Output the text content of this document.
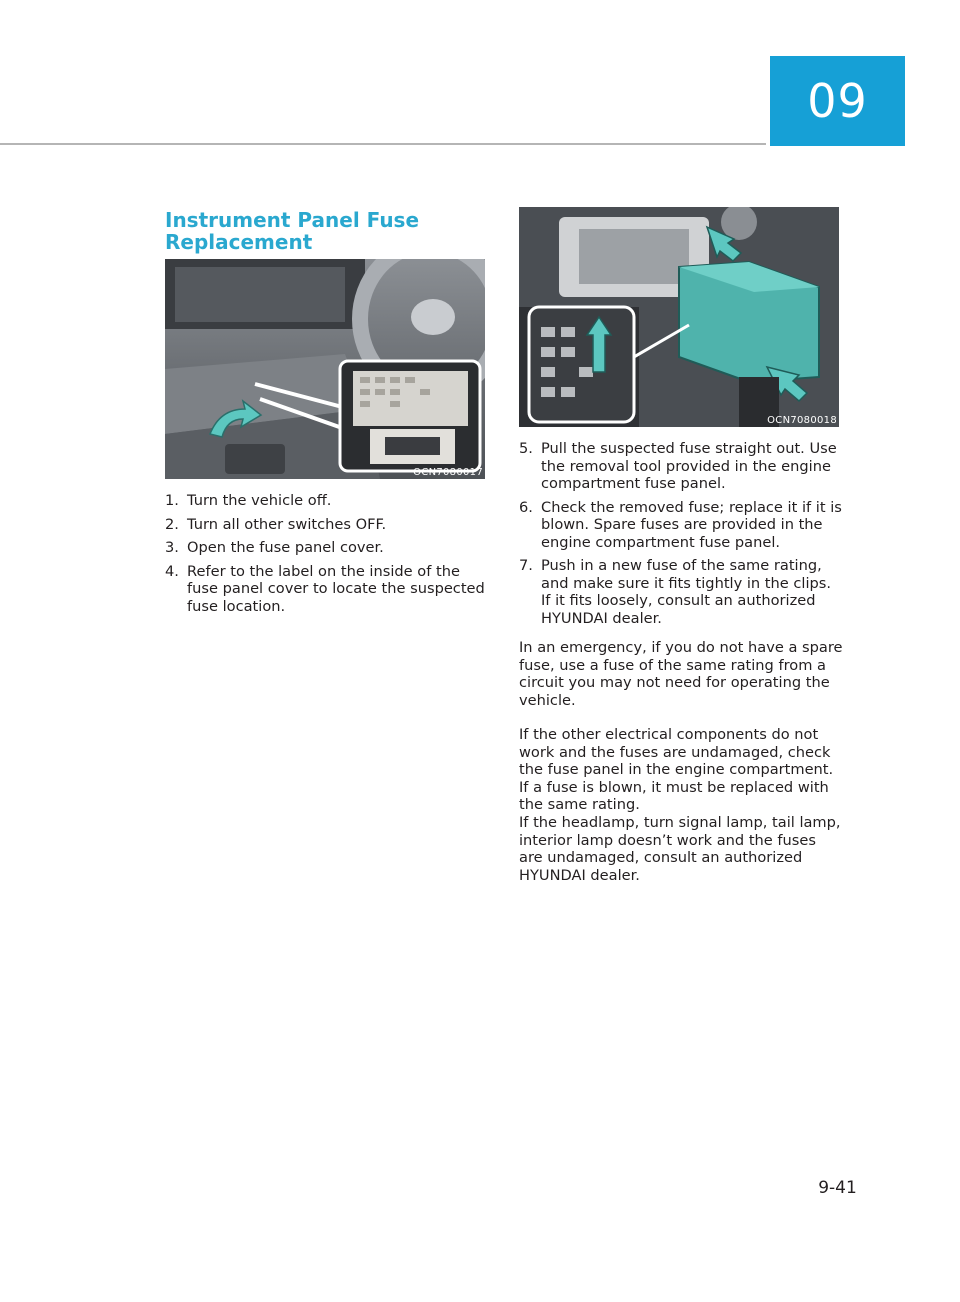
09
Instrument Panel Fuse Replacement
OCN7080017
OCN7080018
1. Turn the vehicle off.
2. Turn all other switches OFF.
3. Open the fuse panel cover.
4. Refer to the label on the inside of the fuse panel cover to locate the suspected fuse location.
5. Pull the suspected fuse straight out. Use the removal tool provided in the engine compartment fuse panel.
6. Check the removed fuse; replace it if it is blown. Spare fuses are provided in the engine compartment fuse panel.
7. Push in a new fuse of the same rating, and make sure it fits tightly in the clips. If it fits loosely, consult an authorized HYUNDAI dealer.

In an emergency, if you do not have a spare fuse, use a fuse of the same rating from a circuit you may not need for operating the vehicle.

If the other electrical components do not work and the fuses are undamaged, check the fuse panel in the engine compartment. If a fuse is blown, it must be replaced with the same rating.

If the headlamp, turn signal lamp, tail lamp, interior lamp doesn’t work and the fuses are undamaged, consult an authorized HYUNDAI dealer.

9-41
